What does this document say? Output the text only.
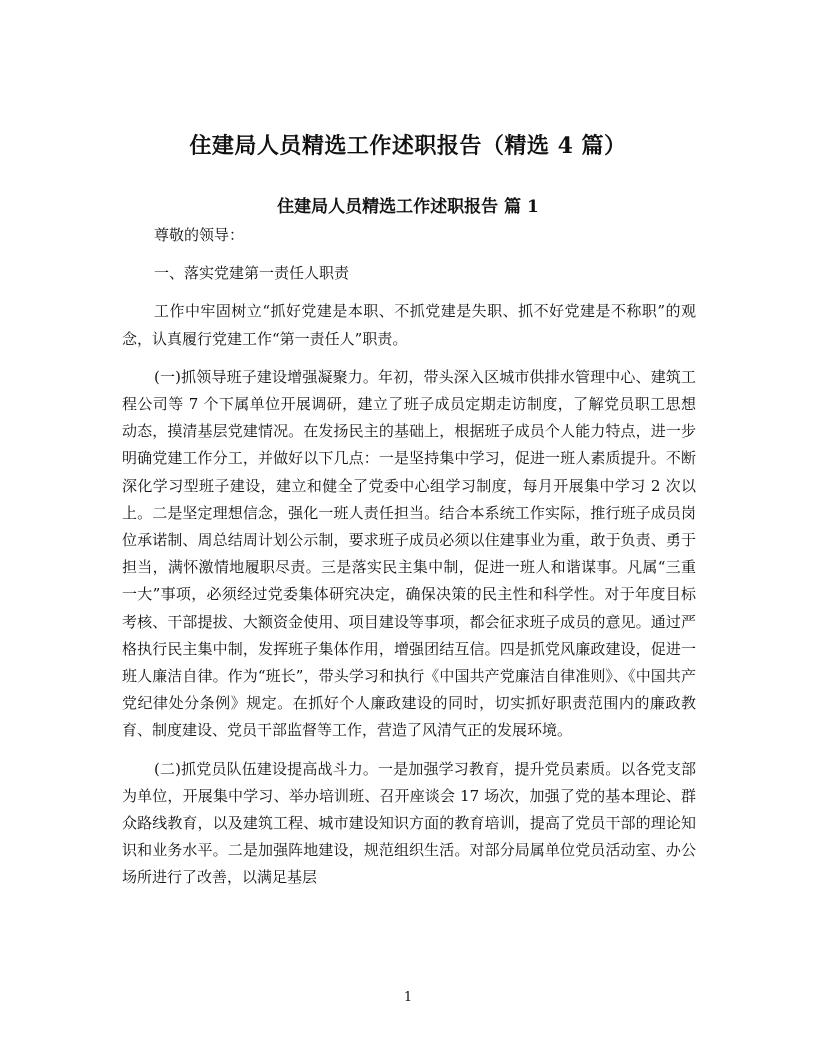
住建局人员精选工作述职报告（精选 4 篇）
住建局人员精选工作述职报告 篇 1

尊敬的领导：

一、落实党建第一责任人职责

工作中牢固树立“抓好党建是本职、不抓党建是失职、抓不好党建是不称职”的观念，认真履行党建工作“第一责任人”职责。

(一)抓领导班子建设增强凝聚力。年初，带头深入区城市供排水管理中心、建筑工程公司等 7 个下属单位开展调研，建立了班子成员定期走访制度，了解党员职工思想动态，摸清基层党建情况。在发扬民主的基础上，根据班子成员个人能力特点，进一步明确党建工作分工，并做好以下几点：一是坚持集中学习，促进一班人素质提升。不断深化学习型班子建设，建立和健全了党委中心组学习制度，每月开展集中学习 2 次以上。二是坚定理想信念，强化一班人责任担当。结合本系统工作实际，推行班子成员岗位承诺制、周总结周计划公示制，要求班子成员必须以住建事业为重，敢于负责、勇于担当，满怀激情地履职尽责。三是落实民主集中制，促进一班人和谐谋事。凡属“三重一大”事项，必须经过党委集体研究决定，确保决策的民主性和科学性。对于年度目标考核、干部提拔、大额资金使用、项目建设等事项，都会征求班子成员的意见。通过严格执行民主集中制，发挥班子集体作用，增强团结互信。四是抓党风廉政建设，促进一班人廉洁自律。作为“班长”，带头学习和执行《中国共产党廉洁自律准则》、《中国共产党纪律处分条例》规定。在抓好个人廉政建设的同时，切实抓好职责范围内的廉政教育、制度建设、党员干部监督等工作，营造了风清气正的发展环境。

(二)抓党员队伍建设提高战斗力。一是加强学习教育，提升党员素质。以各党支部为单位，开展集中学习、举办培训班、召开座谈会 17 场次，加强了党的基本理论、群众路线教育，以及建筑工程、城市建设知识方面的教育培训，提高了党员干部的理论知识和业务水平。二是加强阵地建设，规范组织生活。对部分局属单位党员活动室、办公场所进行了改善，以满足基层

1
